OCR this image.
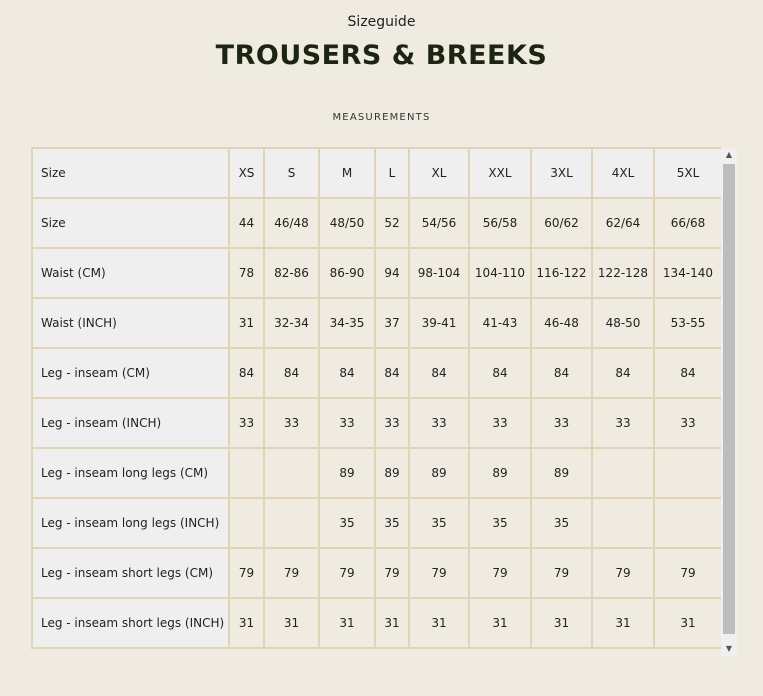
Sizeguide
TROUSERS & BREEKS
MEASUREMENTS
Size	XS	S	M	L	XL	XXL	3XL	4XL	5XL
Size	44	46/48	48/50	52	54/56	56/58	60/62	62/64	66/68
Waist (CM)	78	82-86	86-90	94	98-104	104-110	116-122	122-128	134-140
Waist (INCH)	31	32-34	34-35	37	39-41	41-43	46-48	48-50	53-55
Leg - inseam (CM)	84	84	84	84	84	84	84	84	84
Leg - inseam (INCH)	33	33	33	33	33	33	33	33	33
Leg - inseam long legs (CM)			89	89	89	89	89		
Leg - inseam long legs (INCH)			35	35	35	35	35		
Leg - inseam short legs (CM)	79	79	79	79	79	79	79	79	79
Leg - inseam short legs (INCH)	31	31	31	31	31	31	31	31	31
▲
▼
